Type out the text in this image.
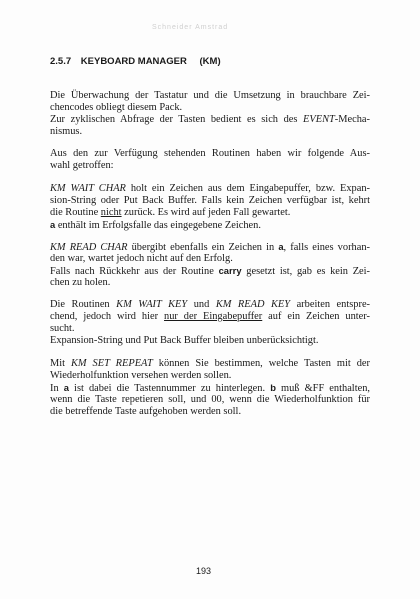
Schneider Amstrad
2.5.7 KEYBOARD MANAGER (KM)
Die Überwachung der Tastatur und die Umsetzung in brauchbare Zei-
chencodes obliegt diesem Pack.
Zur zyklischen Abfrage der Tasten bedient es sich des EVENT-Mecha-
nismus.
Aus den zur Verfügung stehenden Routinen haben wir folgende Aus-
wahl getroffen:
KM WAIT CHAR holt ein Zeichen aus dem Eingabepuffer, bzw. Expan-
sion-String oder Put Back Buffer. Falls kein Zeichen verfügbar ist, kehrt
die Routine nicht zurück. Es wird auf jeden Fall gewartet.
a enthält im Erfolgsfalle das eingegebene Zeichen.
KM READ CHAR übergibt ebenfalls ein Zeichen in a, falls eines vorhan-
den war, wartet jedoch nicht auf den Erfolg.
Falls nach Rückkehr aus der Routine carry gesetzt ist, gab es kein Zei-
chen zu holen.
Die Routinen KM WAIT KEY und KM READ KEY arbeiten entspre-
chend, jedoch wird hier nur der Eingabepuffer auf ein Zeichen unter-
sucht.
Expansion-String und Put Back Buffer bleiben unberücksichtigt.
Mit KM SET REPEAT können Sie bestimmen, welche Tasten mit der
Wiederholfunktion versehen werden sollen.
In a ist dabei die Tastennummer zu hinterlegen. b muß &FF enthalten,
wenn die Taste repetieren soll, und 00, wenn die Wiederholfunktion für
die betreffende Taste aufgehoben werden soll.
193
